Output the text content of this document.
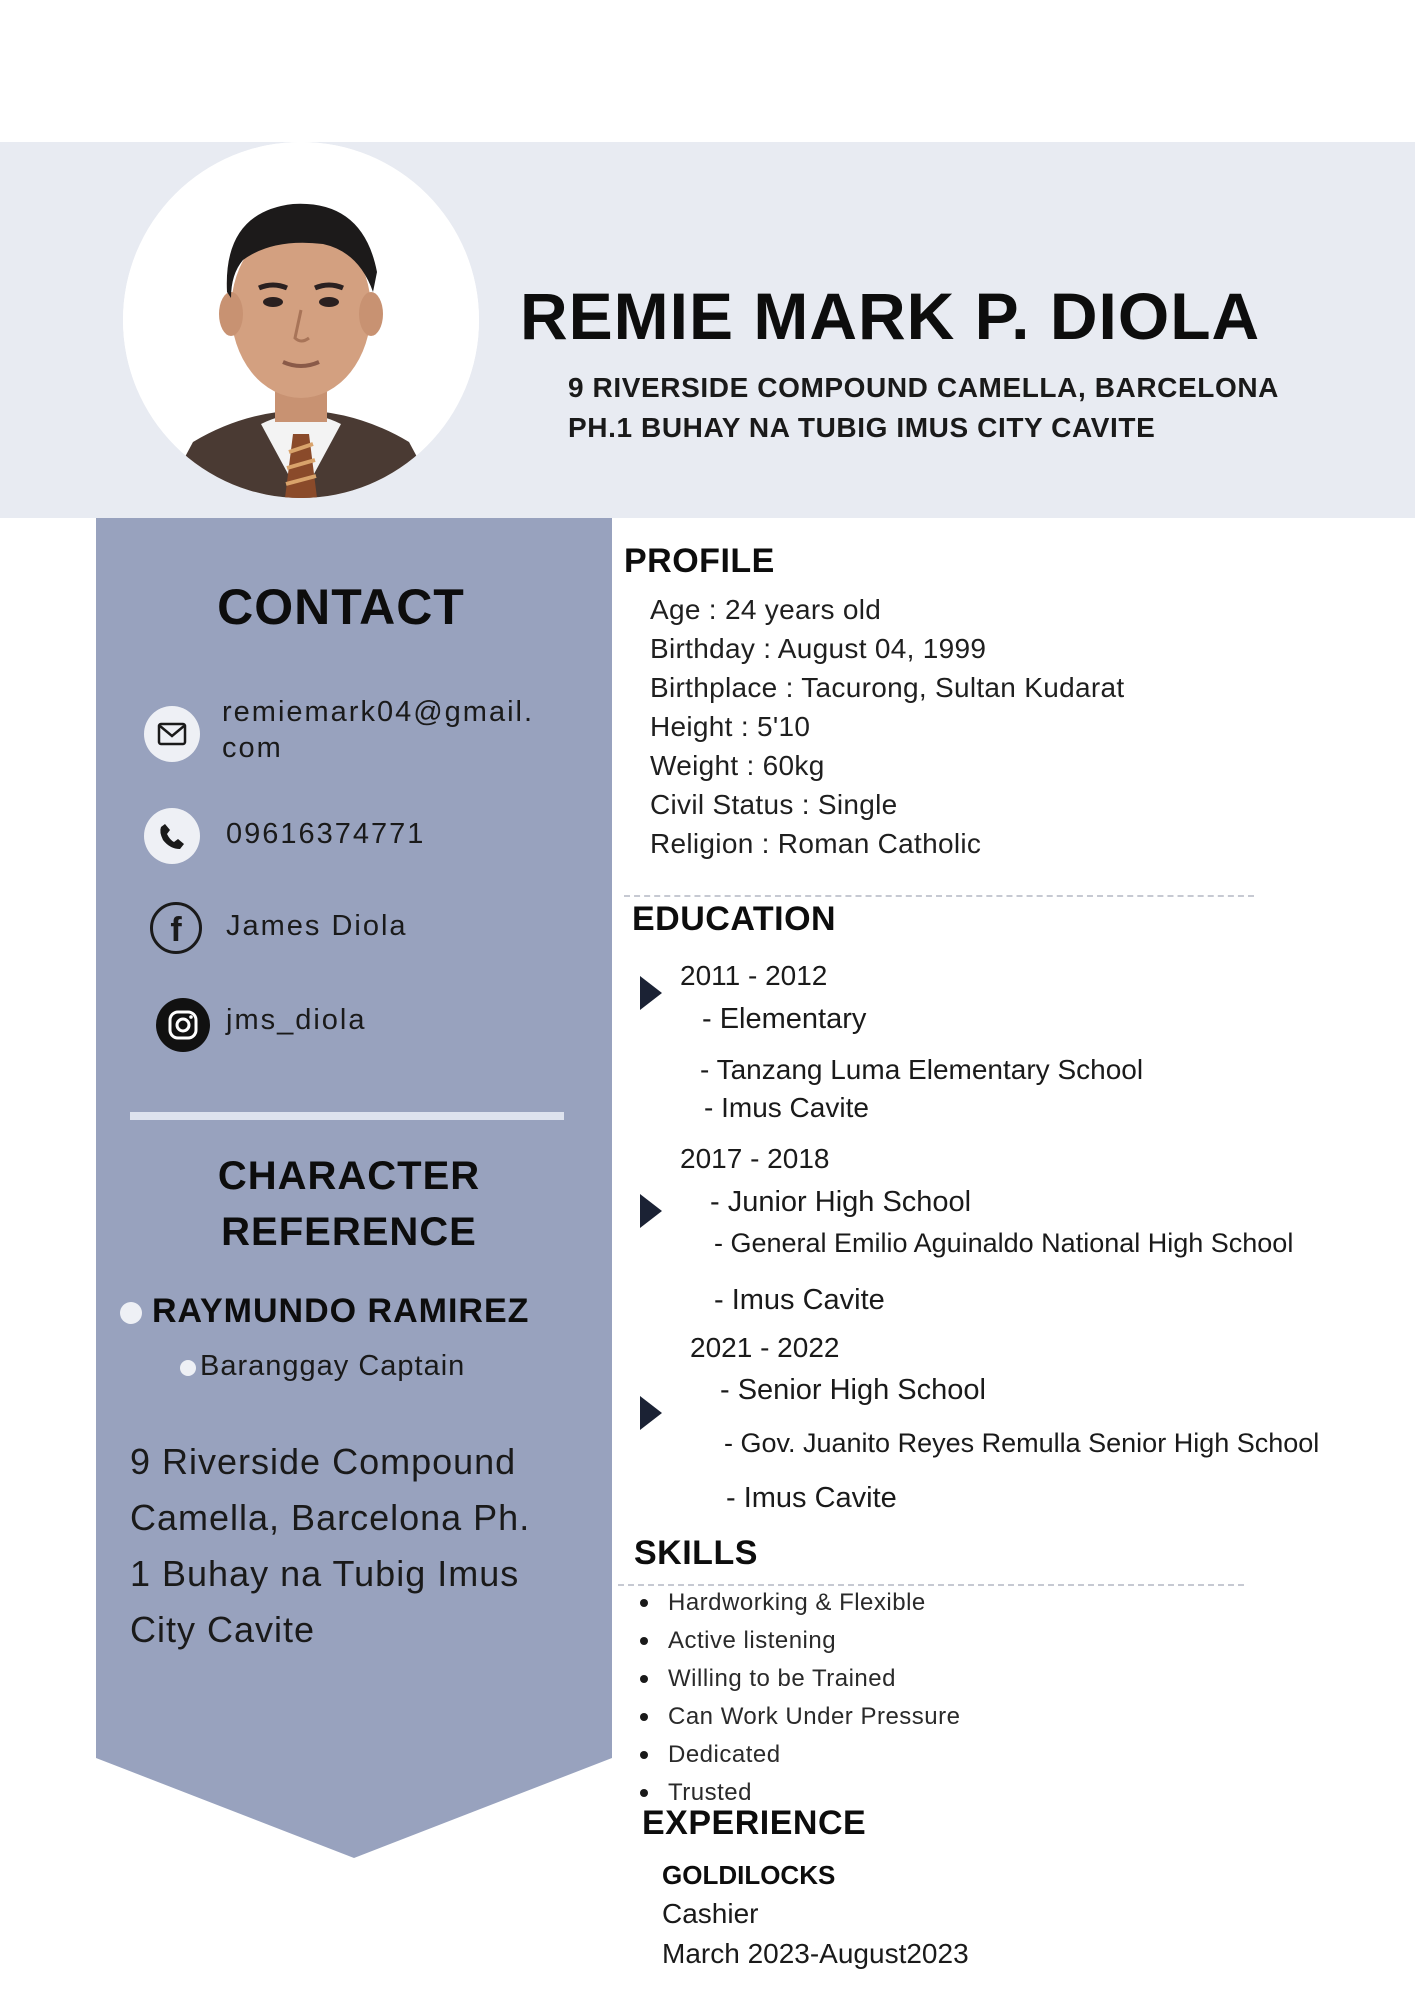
REMIE MARK P. DIOLA
9 RIVERSIDE COMPOUND CAMELLA, BARCELONA
PH.1 BUHAY NA TUBIG IMUS CITY CAVITE
CONTACT
remiemark04@gmail.
com
09616374771
f James Diola
jms_diola
CHARACTER
REFERENCE
RAYMUNDO RAMIREZ
Baranggay Captain
9 Riverside Compound
Camella, Barcelona Ph.
1 Buhay na Tubig Imus
City Cavite
PROFILE
Age : 24 years old
Birthday : August 04, 1999
Birthplace : Tacurong, Sultan Kudarat
Height : 5'10
Weight : 60kg
Civil Status : Single
Religion : Roman Catholic
EDUCATION
2011 - 2012
- Elementary
- Tanzang Luma Elementary School
- Imus Cavite
2017 - 2018
- Junior High School
- General Emilio Aguinaldo National High School
- Imus Cavite
2021 - 2022
- Senior High School
- Gov. Juanito Reyes Remulla Senior High School
- Imus Cavite
SKILLS
Hardworking & Flexible
Active listening
Willing to be Trained
Can Work Under Pressure
Dedicated
Trusted
EXPERIENCE
GOLDILOCKS
Cashier
March 2023-August2023
